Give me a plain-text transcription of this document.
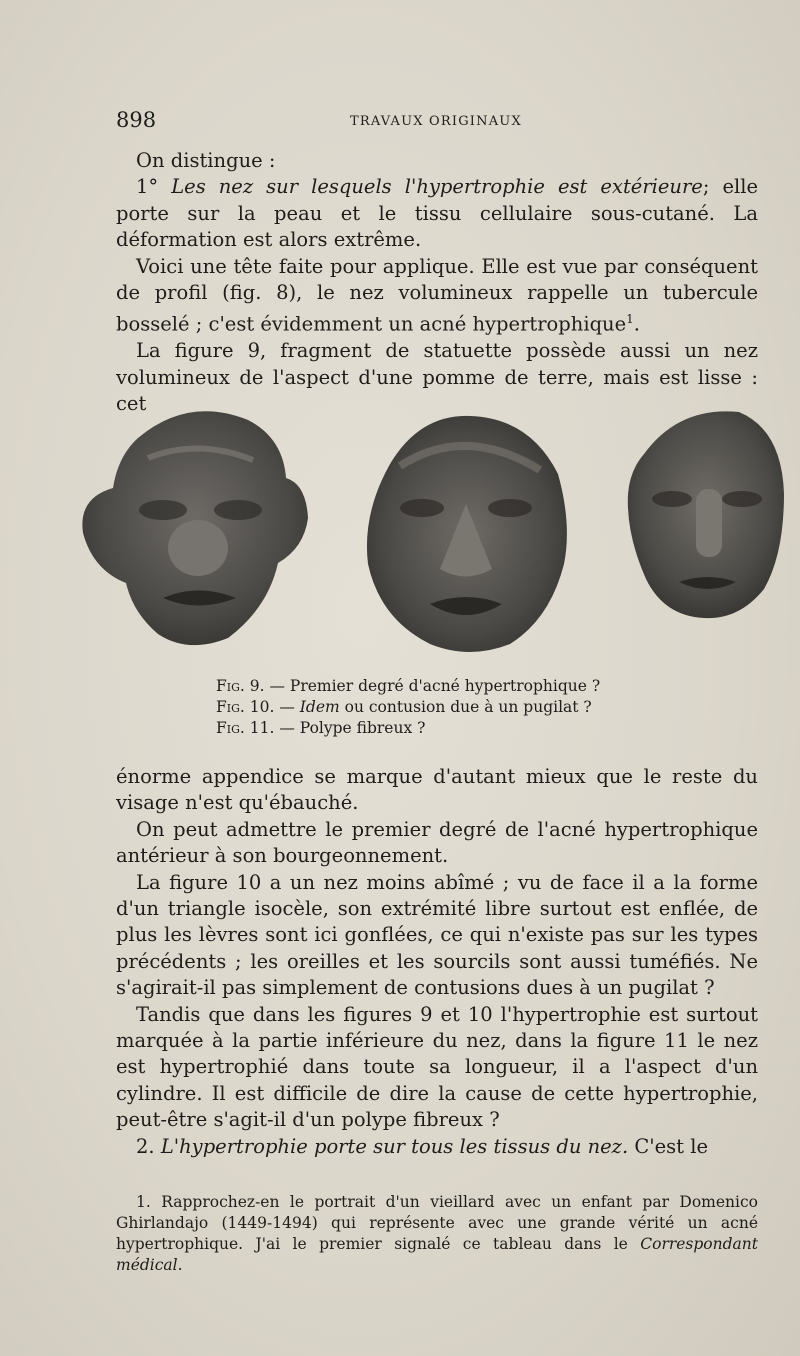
898	TRAVAUX ORIGINAUX

On distingue :

1° Les nez sur lesquels l'hypertrophie est extérieure; elle porte sur la peau et le tissu cellulaire sous-cutané. La déformation est alors extrême.

Voici une tête faite pour applique. Elle est vue par conséquent de profil (fig. 8), le nez volumineux rappelle un tubercule bosselé ; c'est évidemment un acné hypertrophique$^1$.

La figure 9, fragment de statuette possède aussi un nez volumineux de l'aspect d'une pomme de terre, mais est lisse : cet

Fig. 9. — Premier degré d'acné hypertrophique ?
Fig. 10. — Idem ou contusion due à un pugilat ?
Fig. 11. — Polype fibreux ?

énorme appendice se marque d'autant mieux que le reste du visage n'est qu'ébauché.

On peut admettre le premier degré de l'acné hypertrophique antérieur à son bourgeonnement.

La figure 10 a un nez moins abîmé ; vu de face il a la forme d'un triangle isocèle, son extrémité libre surtout est enflée, de plus les lèvres sont ici gonflées, ce qui n'existe pas sur les types précédents ; les oreilles et les sourcils sont aussi tuméfiés. Ne s'agirait-il pas simplement de contusions dues à un pugilat ?

Tandis que dans les figures 9 et 10 l'hypertrophie est surtout marquée à la partie inférieure du nez, dans la figure 11 le nez est hypertrophié dans toute sa longueur, il a l'aspect d'un cylindre. Il est difficile de dire la cause de cette hypertrophie, peut-être s'agit-il d'un polype fibreux ?

2. L'hypertrophie porte sur tous les tissus du nez. C'est le

1. Rapprochez-en le portrait d'un vieillard avec un enfant par Domenico Ghirlandajo (1449-1494) qui représente avec une grande vérité un acné hypertrophique. J'ai le premier signalé ce tableau dans le Correspondant médical.
